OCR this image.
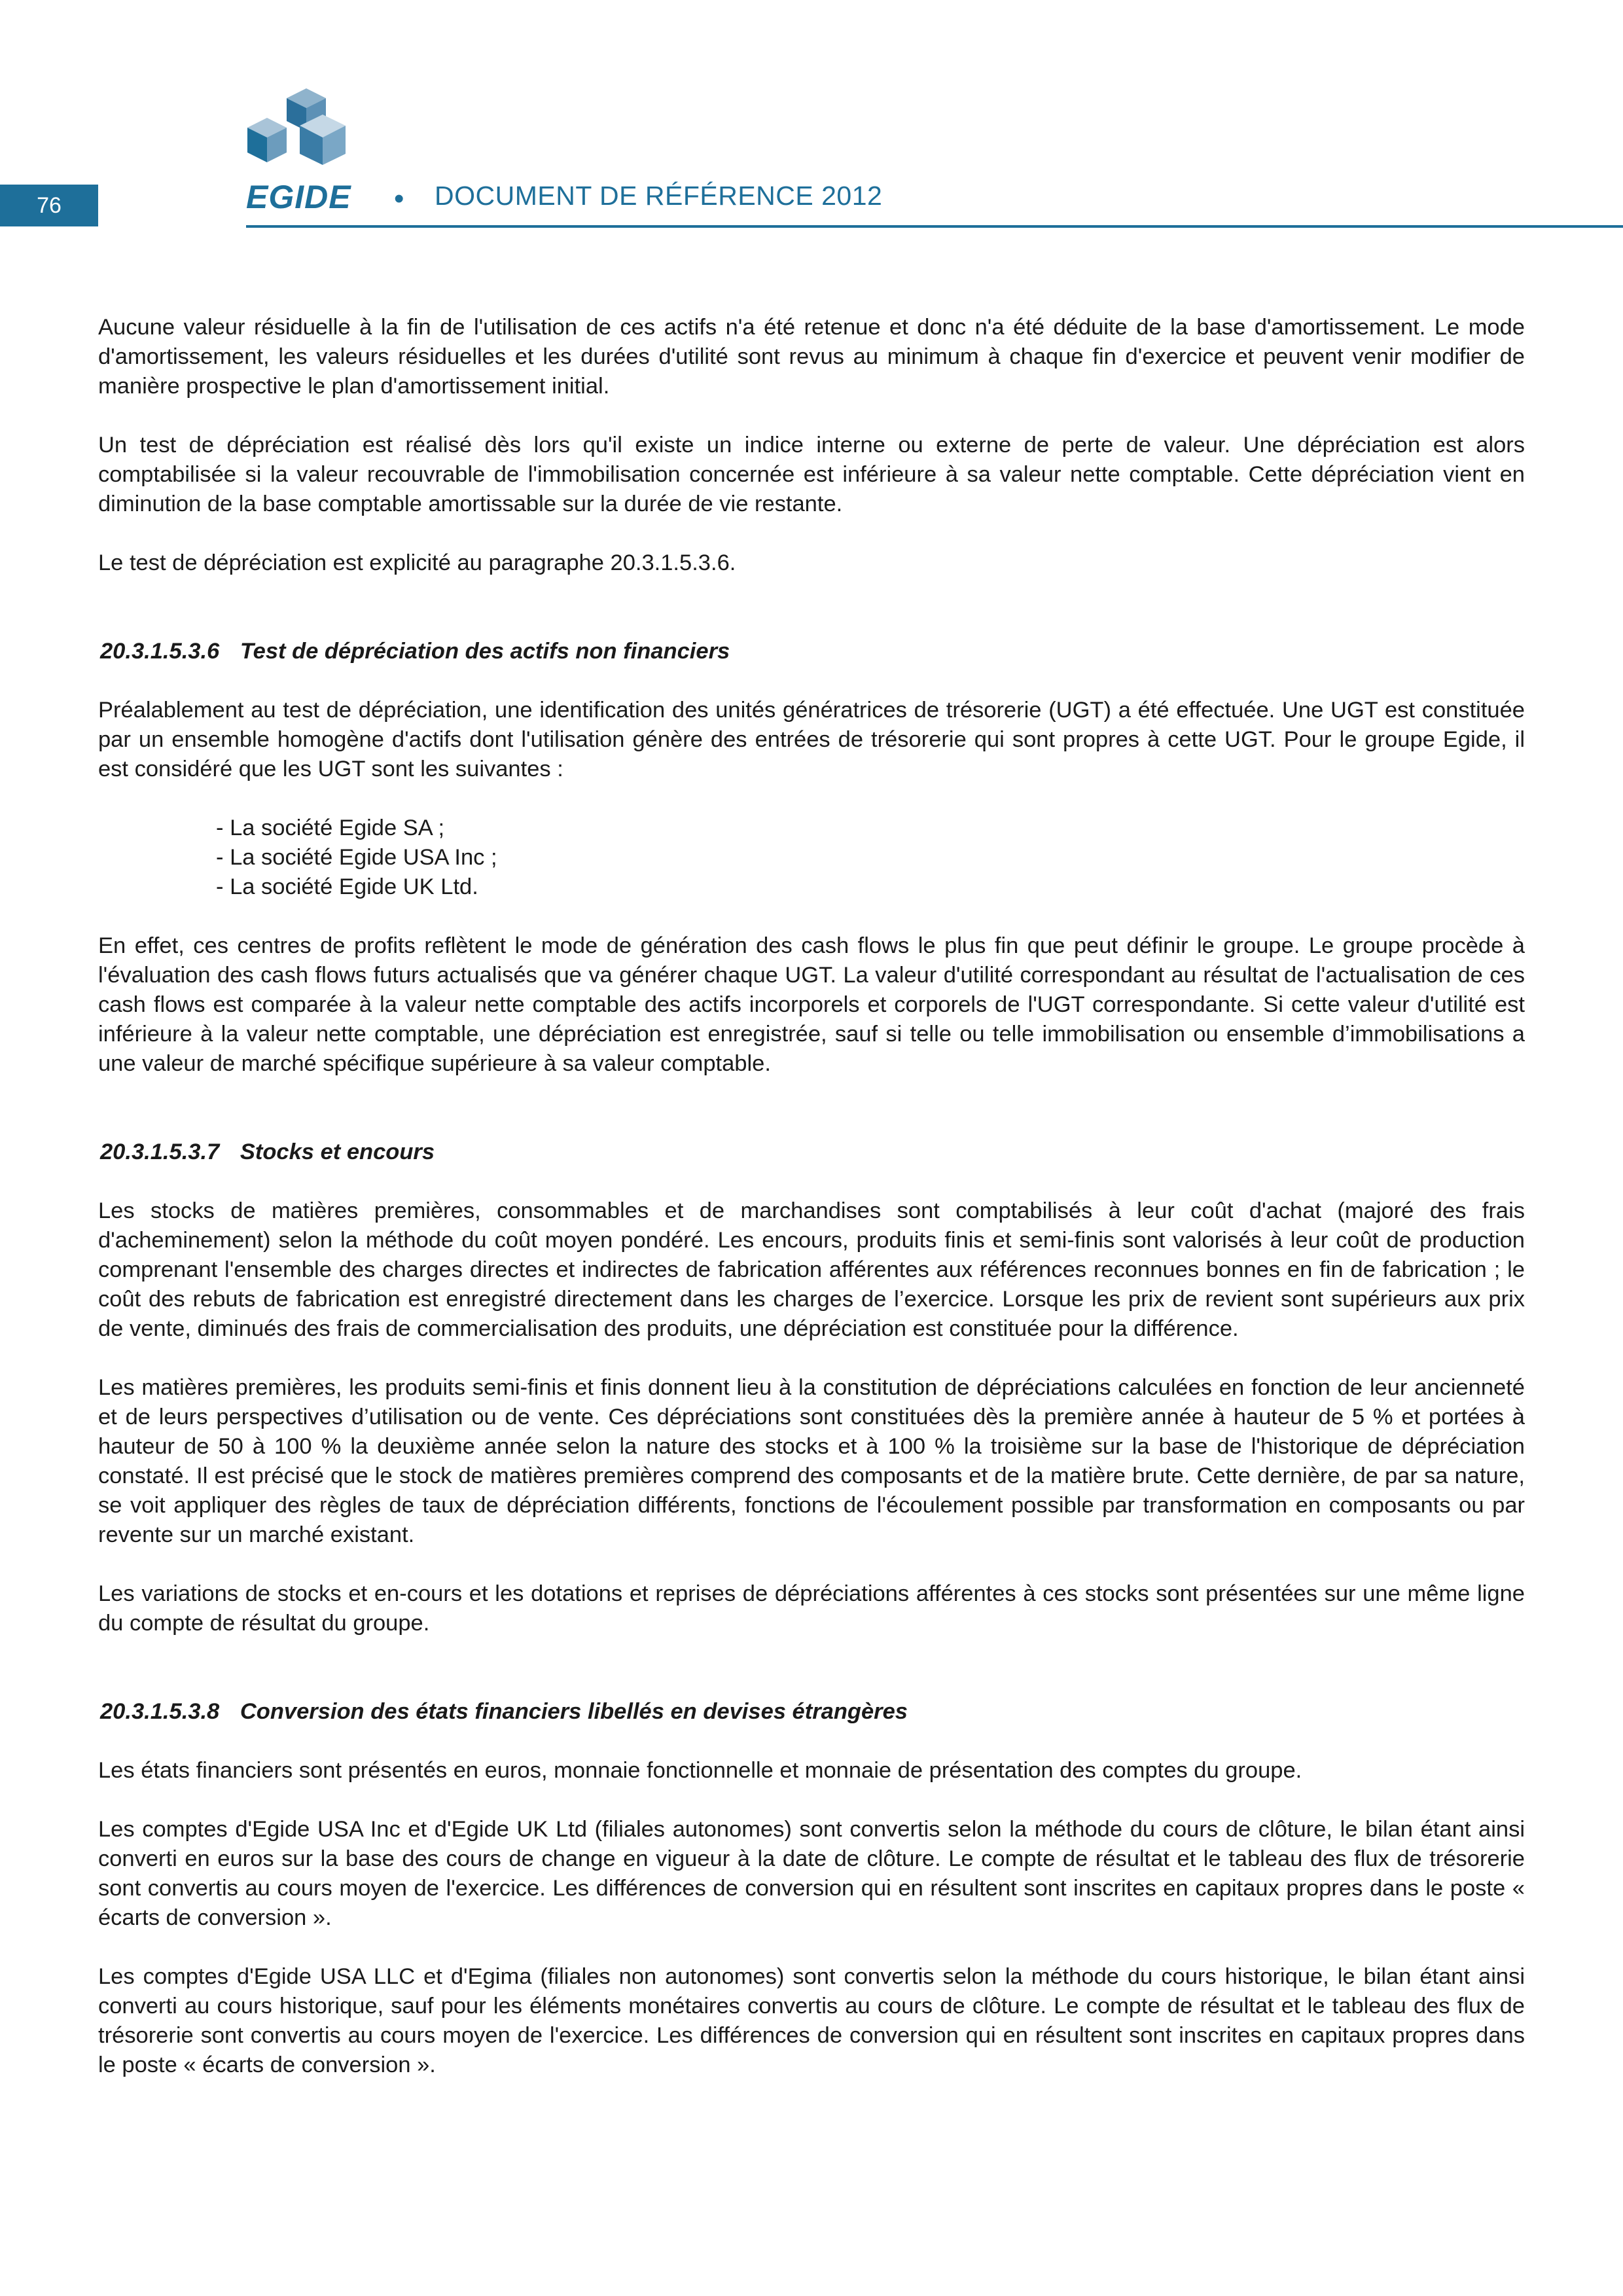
76	EGIDE • DOCUMENT DE RÉFÉRENCE 2012

Aucune valeur résiduelle à la fin de l'utilisation de ces actifs n'a été retenue et donc n'a été déduite de la base d'amortissement. Le mode d'amortissement, les valeurs résiduelles et les durées d'utilité sont revus au minimum à chaque fin d'exercice et peuvent venir modifier de manière prospective le plan d'amortissement initial.

Un test de dépréciation est réalisé dès lors qu'il existe un indice interne ou externe de perte de valeur. Une dépréciation est alors comptabilisée si la valeur recouvrable de l'immobilisation concernée est inférieure à sa valeur nette comptable. Cette dépréciation vient en diminution de la base comptable amortissable sur la durée de vie restante.

Le test de dépréciation est explicité au paragraphe 20.3.1.5.3.6.

20.3.1.5.3.6 Test de dépréciation des actifs non financiers

Préalablement au test de dépréciation, une identification des unités génératrices de trésorerie (UGT) a été effectuée. Une UGT est constituée par un ensemble homogène d'actifs dont l'utilisation génère des entrées de trésorerie qui sont propres à cette UGT. Pour le groupe Egide, il est considéré que les UGT sont les suivantes :

- La société Egide SA ;
- La société Egide USA Inc ;
- La société Egide UK Ltd.

En effet, ces centres de profits reflètent le mode de génération des cash flows le plus fin que peut définir le groupe. Le groupe procède à l'évaluation des cash flows futurs actualisés que va générer chaque UGT. La valeur d'utilité correspondant au résultat de l'actualisation de ces cash flows est comparée à la valeur nette comptable des actifs incorporels et corporels de l'UGT correspondante. Si cette valeur d'utilité est inférieure à la valeur nette comptable, une dépréciation est enregistrée, sauf si telle ou telle immobilisation ou ensemble d’immobilisations a une valeur de marché spécifique supérieure à sa valeur comptable.

20.3.1.5.3.7 Stocks et encours

Les stocks de matières premières, consommables et de marchandises sont comptabilisés à leur coût d'achat (majoré des frais d'acheminement) selon la méthode du coût moyen pondéré. Les encours, produits finis et semi-finis sont valorisés à leur coût de production comprenant l'ensemble des charges directes et indirectes de fabrication afférentes aux références reconnues bonnes en fin de fabrication ; le coût des rebuts de fabrication est enregistré directement dans les charges de l’exercice. Lorsque les prix de revient sont supérieurs aux prix de vente, diminués des frais de commercialisation des produits, une dépréciation est constituée pour la différence.

Les matières premières, les produits semi-finis et finis donnent lieu à la constitution de dépréciations calculées en fonction de leur ancienneté et de leurs perspectives d’utilisation ou de vente. Ces dépréciations sont constituées dès la première année à hauteur de 5 % et portées à hauteur de 50 à 100 % la deuxième année selon la nature des stocks et à 100 % la troisième sur la base de l'historique de dépréciation constaté. Il est précisé que le stock de matières premières comprend des composants et de la matière brute. Cette dernière, de par sa nature, se voit appliquer des règles de taux de dépréciation différents, fonctions de l'écoulement possible par transformation en composants ou par revente sur un marché existant.

Les variations de stocks et en-cours et les dotations et reprises de dépréciations afférentes à ces stocks sont présentées sur une même ligne du compte de résultat du groupe.

20.3.1.5.3.8 Conversion des états financiers libellés en devises étrangères

Les états financiers sont présentés en euros, monnaie fonctionnelle et monnaie de présentation des comptes du groupe.

Les comptes d'Egide USA Inc et d'Egide UK Ltd (filiales autonomes) sont convertis selon la méthode du cours de clôture, le bilan étant ainsi converti en euros sur la base des cours de change en vigueur à la date de clôture. Le compte de résultat et le tableau des flux de trésorerie sont convertis au cours moyen de l'exercice. Les différences de conversion qui en résultent sont inscrites en capitaux propres dans le poste « écarts de conversion ».

Les comptes d'Egide USA LLC et d'Egima (filiales non autonomes) sont convertis selon la méthode du cours historique, le bilan étant ainsi converti au cours historique, sauf pour les éléments monétaires convertis au cours de clôture. Le compte de résultat et le tableau des flux de trésorerie sont convertis au cours moyen de l'exercice. Les différences de conversion qui en résultent sont inscrites en capitaux propres dans le poste « écarts de conversion ».
